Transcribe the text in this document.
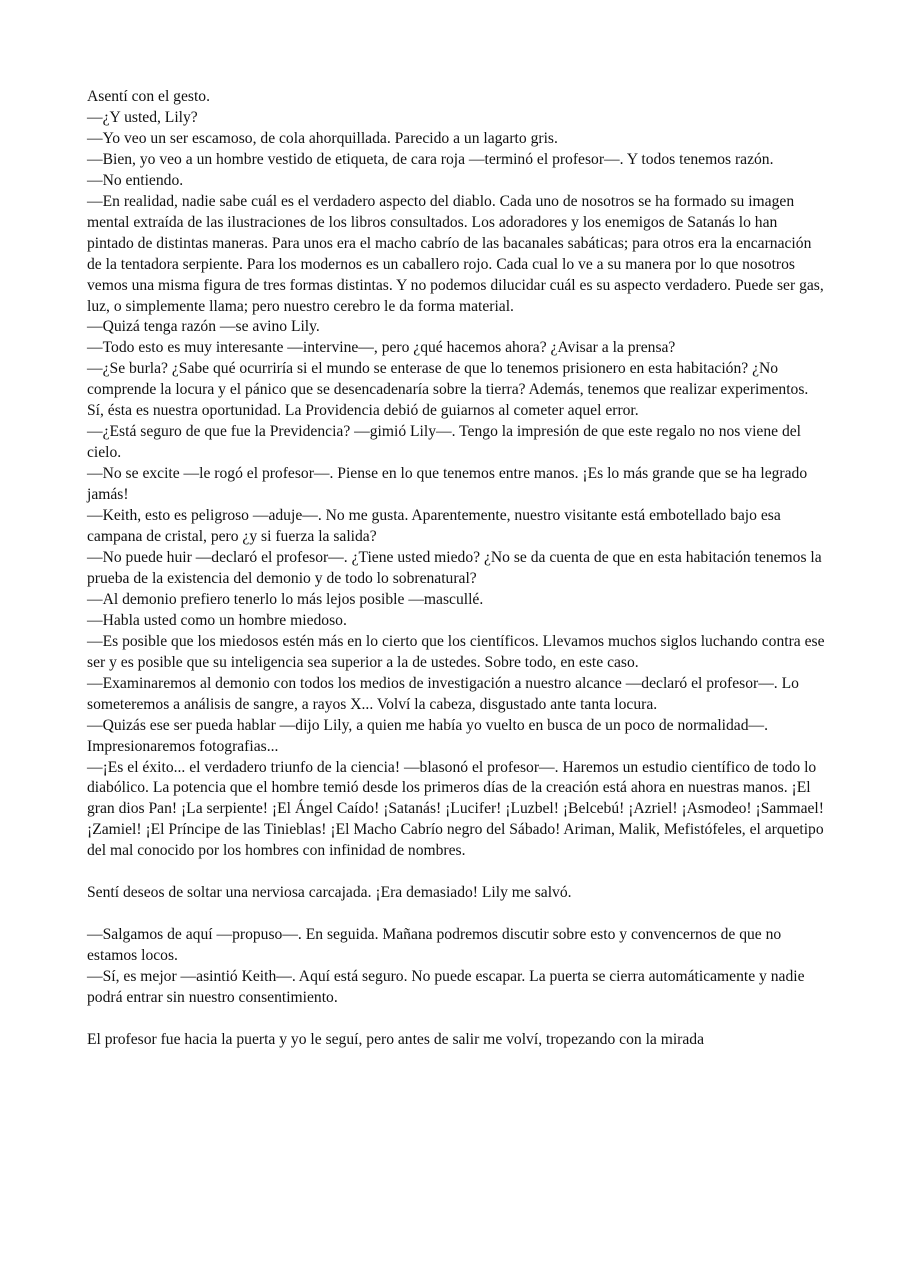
Asentí con el gesto.

—¿Y usted, Lily?

—Yo veo un ser escamoso, de cola ahorquillada. Parecido a un lagarto gris.

—Bien, yo veo a un hombre vestido de etiqueta, de cara roja —terminó el profesor—. Y todos tenemos razón.

—No entiendo.

—En realidad, nadie sabe cuál es el verdadero aspecto del diablo. Cada uno de nosotros se ha formado su imagen mental extraída de las ilustraciones de los libros consultados. Los adoradores y los enemigos de Satanás lo han pintado de distintas maneras. Para unos era el macho cabrío de las bacanales sabáticas; para otros era la encarnación de la tentadora serpiente. Para los modernos es un caballero rojo. Cada cual lo ve a su manera por lo que nosotros vemos una misma figura de tres formas distintas. Y no podemos dilucidar cuál es su aspecto verdadero. Puede ser gas, luz, o simplemente llama; pero nuestro cerebro le da forma material.

—Quizá tenga razón —se avino Lily.

—Todo esto es muy interesante —intervine—, pero ¿qué hacemos ahora? ¿Avisar a la prensa?

—¿Se burla? ¿Sabe qué ocurriría si el mundo se enterase de que lo tenemos prisionero en esta habitación? ¿No comprende la locura y el pánico que se desencadenaría sobre la tierra? Además, tenemos que realizar experimentos. Sí, ésta es nuestra oportunidad. La Providencia debió de guiarnos al cometer aquel error.

—¿Está seguro de que fue la Previdencia? —gimió Lily—. Tengo la impresión de que este regalo no nos viene del cielo.

—No se excite —le rogó el profesor—. Piense en lo que tenemos entre manos. ¡Es lo más grande que se ha legrado jamás!

—Keith, esto es peligroso —aduje—. No me gusta. Aparentemente, nuestro visitante está embotellado bajo esa campana de cristal, pero ¿y si fuerza la salida?

—No puede huir —declaró el profesor—. ¿Tiene usted miedo? ¿No se da cuenta de que en esta habitación tenemos la prueba de la existencia del demonio y de todo lo sobrenatural?

—Al demonio prefiero tenerlo lo más lejos posible —mascullé.

—Habla usted como un hombre miedoso.

—Es posible que los miedosos estén más en lo cierto que los científicos. Llevamos muchos siglos luchando contra ese ser y es posible que su inteligencia sea superior a la de ustedes. Sobre todo, en este caso.

—Examinaremos al demonio con todos los medios de investigación a nuestro alcance —declaró el profesor—. Lo someteremos a análisis de sangre, a rayos X... Volví la cabeza, disgustado ante tanta locura.

—Quizás ese ser pueda hablar —dijo Lily, a quien me había yo vuelto en busca de un poco de normalidad—. Impresionaremos fotografias...

—¡Es el éxito... el verdadero triunfo de la ciencia! —blasonó el profesor—. Haremos un estudio científico de todo lo diabólico. La potencia que el hombre temió desde los primeros días de la creación está ahora en nuestras manos. ¡El gran dios Pan! ¡La serpiente! ¡El Ángel Caído! ¡Satanás! ¡Lucifer! ¡Luzbel! ¡Belcebú! ¡Azriel! ¡Asmodeo! ¡Sammael! ¡Zamiel! ¡El Príncipe de las Tinieblas! ¡El Macho Cabrío negro del Sábado! Ariman, Malik, Mefistófeles, el arquetipo del mal conocido por los hombres con infinidad de nombres.

Sentí deseos de soltar una nerviosa carcajada. ¡Era demasiado! Lily me salvó.

—Salgamos de aquí —propuso—. En seguida. Mañana podremos discutir sobre esto y convencernos de que no estamos locos.

—Sí, es mejor —asintió Keith—. Aquí está seguro. No puede escapar. La puerta se cierra automáticamente y nadie podrá entrar sin nuestro consentimiento.

El profesor fue hacia la puerta y yo le seguí, pero antes de salir me volví, tropezando con la mirada
